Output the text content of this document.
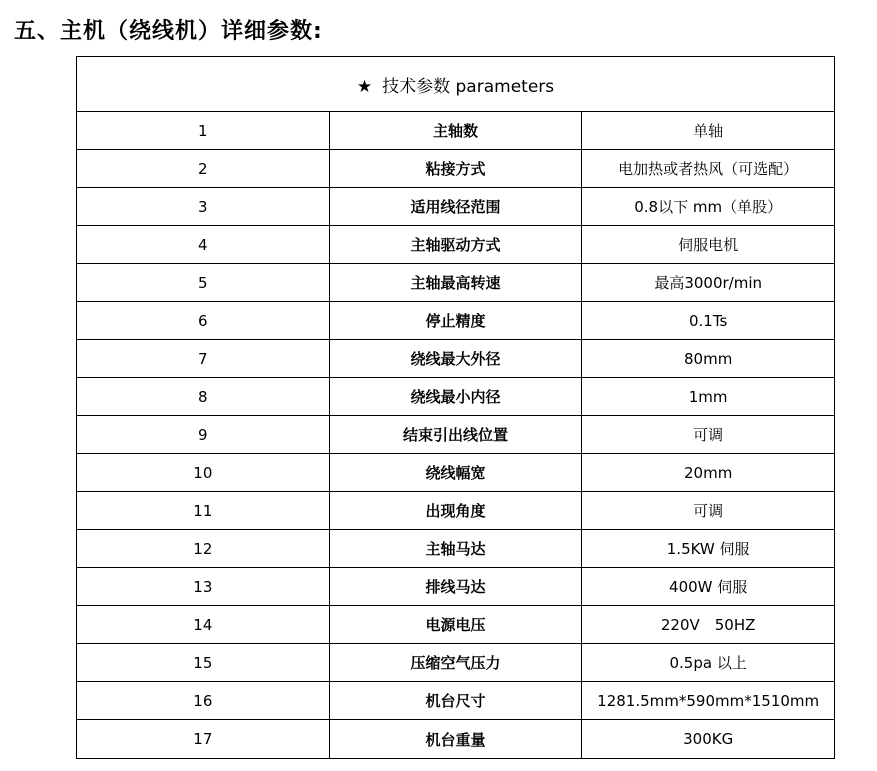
五、主机（绕线机）详细参数:
★ 技术参数 parameters		
1	主轴数	单轴
2	粘接方式	电加热或者热风（可选配）
3	适用线径范围	0.8以下 mm（单股）
4	主轴驱动方式	伺服电机
5	主轴最高转速	最高3000r/min
6	停止精度	0.1Ts
7	绕线最大外径	80mm
8	绕线最小内径	1mm
9	结束引出线位置	可调
10	绕线幅宽	20mm
11	出现角度	可调
12	主轴马达	1.5KW 伺服
13	排线马达	400W 伺服
14	电源电压	220V　50HZ
15	压缩空气压力	0.5pa 以上
16	机台尺寸	1281.5mm*590mm*1510mm
17	机台重量	300KG
